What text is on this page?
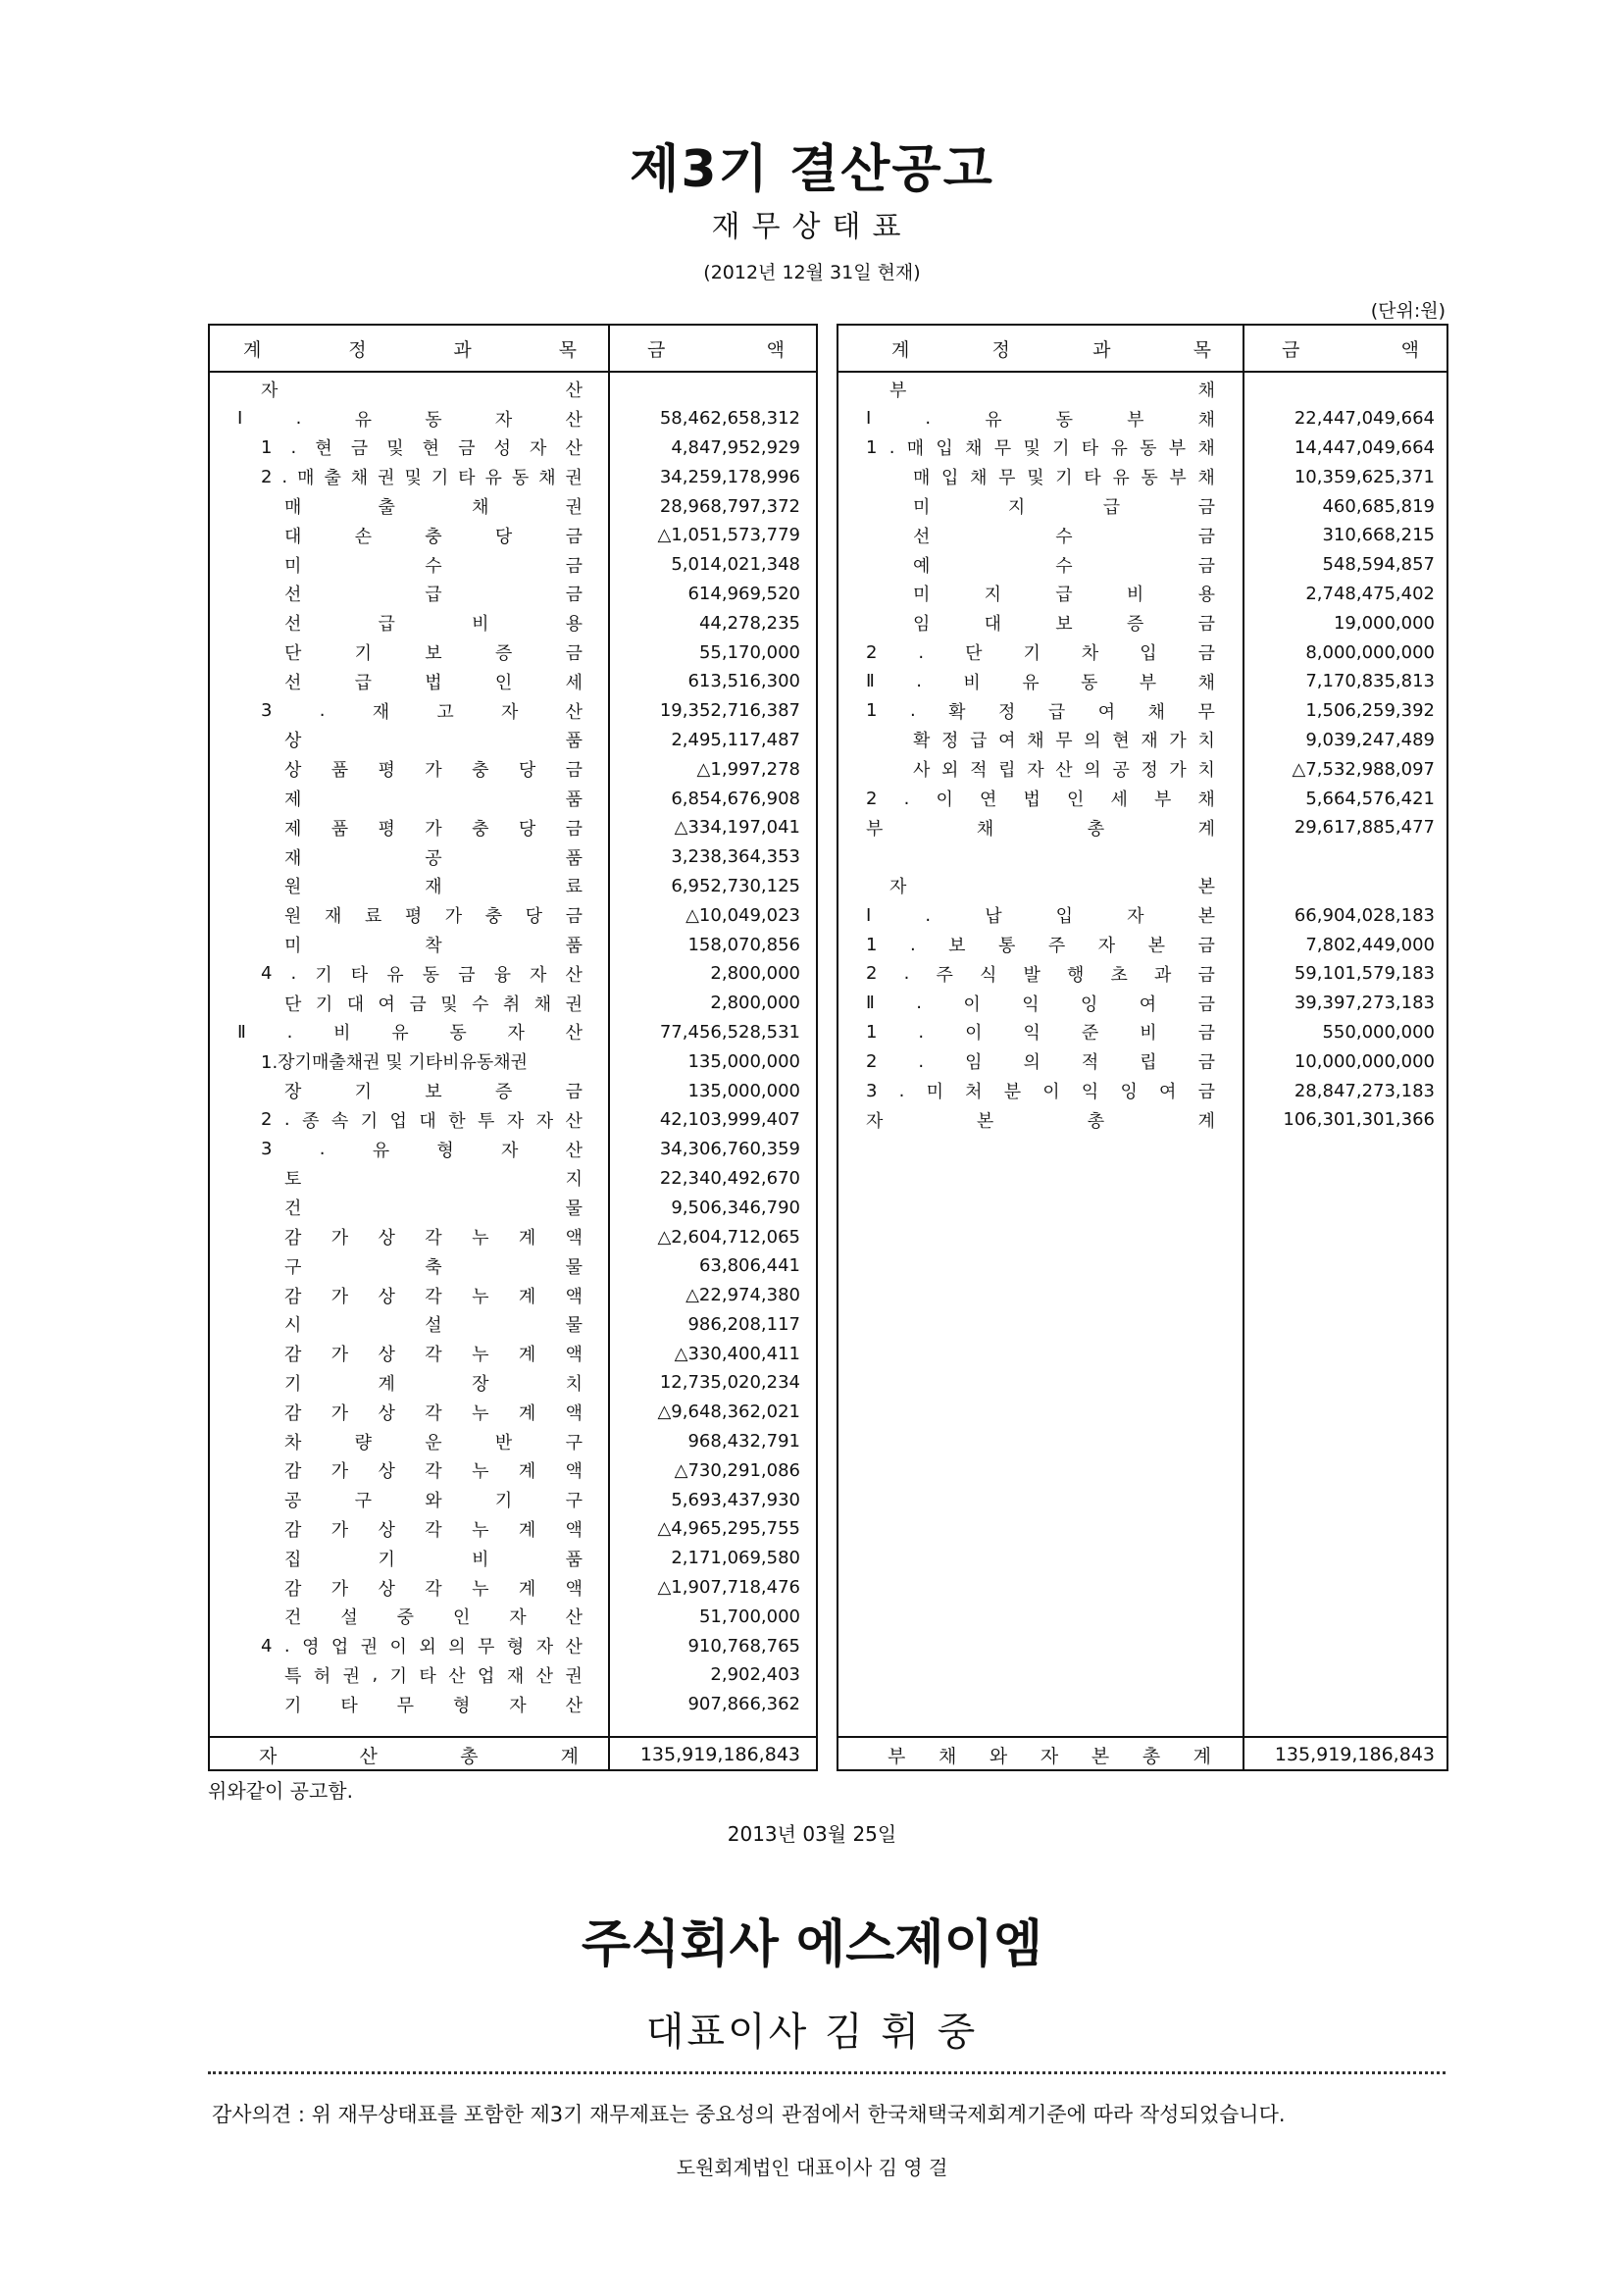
제3기 결산공고
재무상태표
(2012년 12월 31일 현재)
(단위:원)
계	정	과	목	금	액
자	산
Ⅰ	.	유	동	자	산	58,462,658,312
1 . 현 금 및 현 금 성 자 산	4,847,952,929
2 . 매 출 채 권 및 기 타 유 동 채 권	34,259,178,996
매	출	채	권	28,968,797,372
대	손	충	당	금	△1,051,573,779
미	수	금	5,014,021,348
선	급	금	614,969,520
선	급	비	용	44,278,235
단	기	보	증	금	55,170,000
선	급	법	인	세	613,516,300
3	.	재	고	자	산	19,352,716,387
상	품	2,495,117,487
상 품 평 가 충 당 금	△1,997,278
제	품	6,854,676,908
제 품 평 가 충 당 금	△334,197,041
재	공	품	3,238,364,353
원	재	료	6,952,730,125
원 재 료 평 가 충 당 금	△10,049,023
미	착	품	158,070,856
4 . 기 타 유 동 금 융 자 산	2,800,000
단 기 대 여 금 및 수 취 채 권	2,800,000
Ⅱ . 비 유 동 자 산	77,456,528,531
1.장기매출채권 및 기타비유동채권	135,000,000
장	기	보	증	금	135,000,000
2 . 종 속 기 업 대 한 투 자 자 산	42,103,999,407
3	.	유	형	자	산	34,306,760,359
토	지	22,340,492,670
건	물	9,506,346,790
감 가 상 각 누 계 액	△2,604,712,065
구	축	물	63,806,441
감 가 상 각 누 계 액	△22,974,380
시	설	물	986,208,117
감 가 상 각 누 계 액	△330,400,411
기	계	장	치	12,735,020,234
감 가 상 각 누 계 액	△9,648,362,021
차	량	운	반	구	968,432,791
감 가 상 각 누 계 액	△730,291,086
공	구	와	기	구	5,693,437,930
감 가 상 각 누 계 액	△4,965,295,755
집	기	비	품	2,171,069,580
감 가 상 각 누 계 액	△1,907,718,476
건 설 중 인 자 산	51,700,000
4 . 영 업 권 이 외 의 무 형 자 산	910,768,765
특 허 권 , 기 타 산 업 재 산 권	2,902,403
기 타 무 형 자 산	907,866,362
자	산	총	계	135,919,186,843
계	정	과	목	금	액
부	채
Ⅰ	.	유	동	부	채	22,447,049,664
1 . 매 입 채 무 및 기 타 유 동 부 채	14,447,049,664
매 입 채 무 및 기 타 유 동 부 채	10,359,625,371
미	지	급	금	460,685,819
선	수	금	310,668,215
예	수	금	548,594,857
미	지	급	비	용	2,748,475,402
임	대	보	증	금	19,000,000
2 . 단 기 차 입 금	8,000,000,000
Ⅱ . 비 유 동 부 채	7,170,835,813
1 . 확 정 급 여 채 무	1,506,259,392
확 정 급 여 채 무 의 현 재 가 치	9,039,247,489
사 외 적 립 자 산 의 공 정 가 치	△7,532,988,097
2 . 이 연 법 인 세 부 채	5,664,576,421
부	채	총	계	29,617,885,477
자	본
Ⅰ	.	납	입	자	본	66,904,028,183
1 . 보 통 주 자 본 금	7,802,449,000
2 . 주 식 발 행 초 과 금	59,101,579,183
Ⅱ . 이 익 잉 여 금	39,397,273,183
1 . 이 익 준 비 금	550,000,000
2 . 임 의 적 립 금	10,000,000,000
3 . 미 처 분 이 익 잉 여 금	28,847,273,183
자	본	총	계	106,301,301,366
부 채 와 자 본 총 계	135,919,186,843
위와같이 공고함.
2013년 03월 25일
주식회사 에스제이엠
대표이사 김 휘 중
감사의견 : 위 재무상태표를 포함한 제3기 재무제표는 중요성의 관점에서 한국채택국제회계기준에 따라 작성되었습니다.
도원회계법인 대표이사 김 영 걸
